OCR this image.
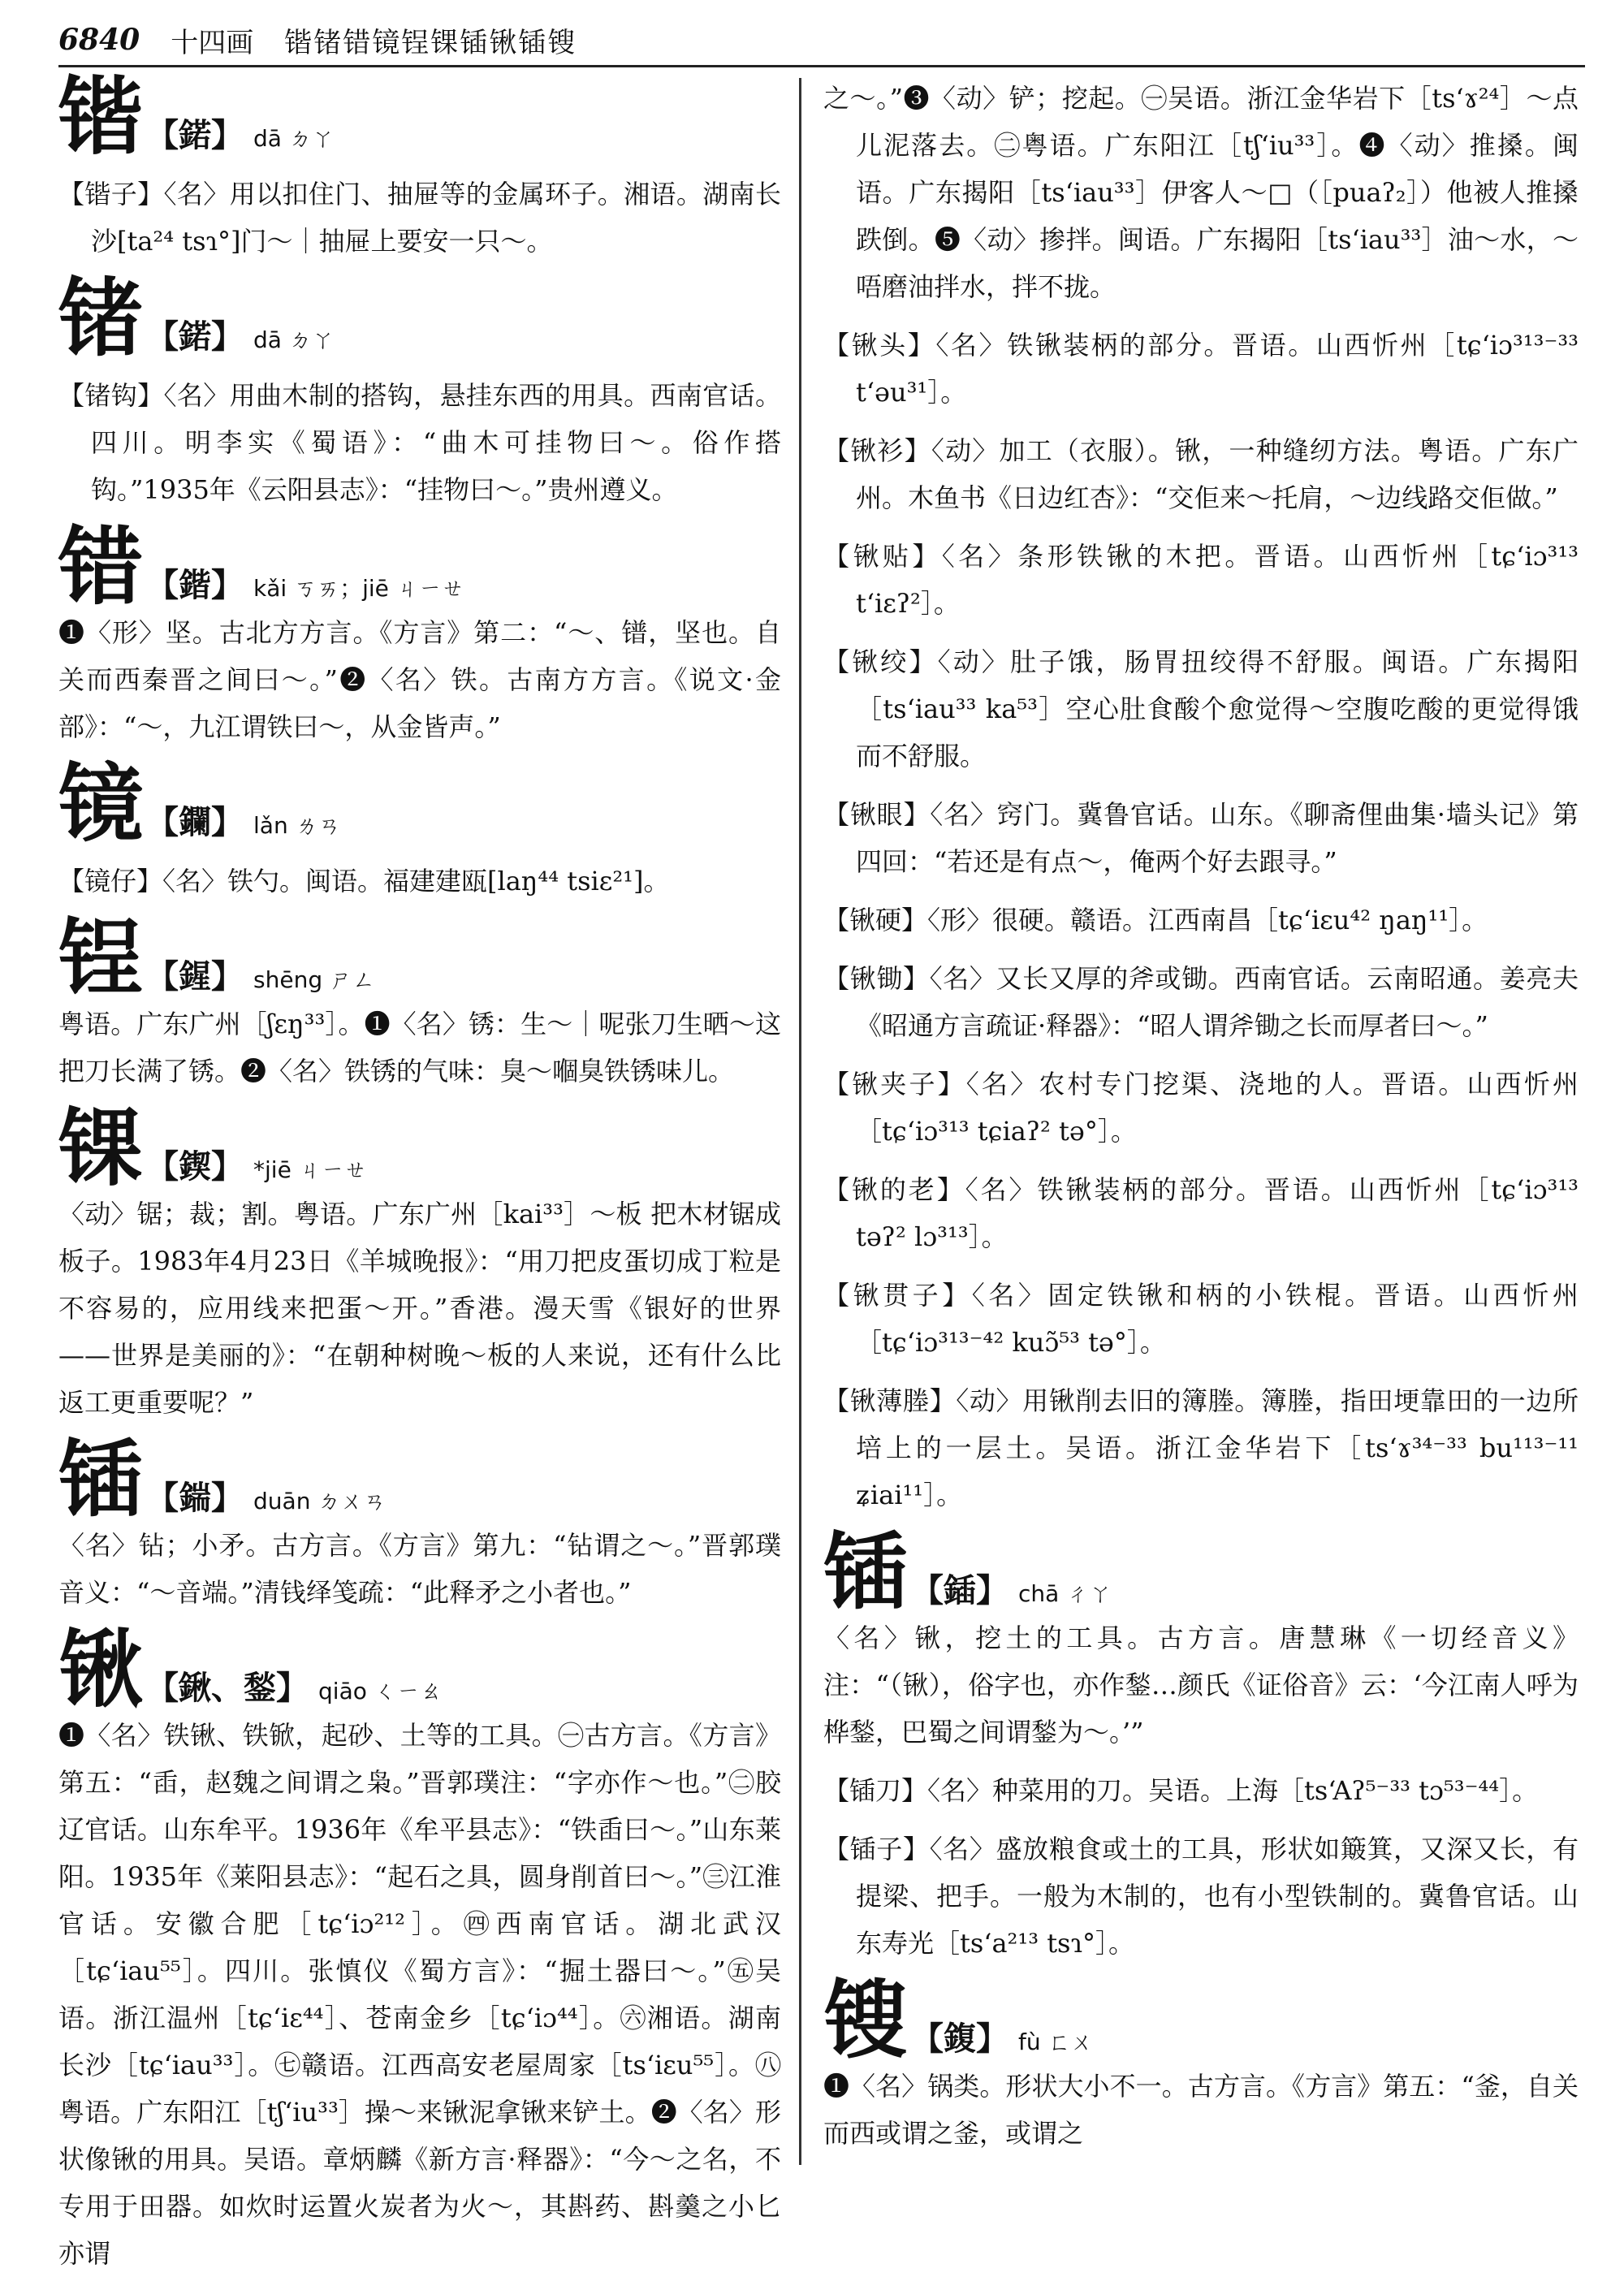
6840 十四画 锴锗错镜锃锞锸锹锸锼
锴 【鍩】 dā ㄉㄚ
【锴子】〈名〉用以扣住门、抽屉等的金属环子。湘语。湖南长沙[ta²⁴ tsɿ°]门～｜抽屉上要安一只～。
锗 【鍩】 dā ㄉㄚ
【锗钩】〈名〉用曲木制的搭钩，悬挂东西的用具。西南官话。四川。明李实《蜀语》：“曲木可挂物曰～。俗作搭钩。”1935年《云阳县志》：“挂物曰～。”贵州遵义。
错 【鍇】 kǎi ㄎㄞ；jiē ㄐㄧㄝ
❶〈形〉坚。古北方方言。《方言》第二：“～、镨，坚也。自关而西秦晋之间曰～。”❷〈名〉铁。古南方方言。《说文·金部》：“～，九江谓铁曰～，从金皆声。”
镜 【鑭】 lǎn ㄌㄢ
【镜仔】〈名〉铁勺。闽语。福建建瓯[laŋ⁴⁴ tsiɛ²¹]。
锃 【鍟】 shēng ㄕㄥ
粤语。广东广州［ʃɛŋ³³］。❶〈名〉锈：生～｜呢张刀生晒～这把刀长满了锈。❷〈名〉铁锈的气味：臭～嗰臭铁锈味儿。
锞 【鍥】 *jiē ㄐㄧㄝ
〈动〉锯；裁；割。粤语。广东广州［kai³³］～板 把木材锯成板子。1983年4月23日《羊城晚报》：“用刀把皮蛋切成丁粒是不容易的，应用线来把蛋～开。”香港。漫天雪《银好的世界——世界是美丽的》：“在朝种树晚～板的人来说，还有什么比返工更重要呢？”
锸 【鍴】 duān ㄉㄨㄢ
〈名〉钻；小矛。古方言。《方言》第九：“钻谓之～。”晋郭璞音义：“～音端。”清钱绎笺疏：“此释矛之小者也。”
锹 【鍬、鍫】 qiāo ㄑㄧㄠ
❶〈名〉铁锹、铁锨，起砂、土等的工具。㊀古方言。《方言》第五：“臿，赵魏之间谓之枭。”晋郭璞注：“字亦作～也。”㊁胶辽官话。山东牟平。1936年《牟平县志》：“铁臿曰～。”山东莱阳。1935年《莱阳县志》：“起石之具，圆身削首曰～。”㊂江淮官话。安徽合肥［tɕʻiɔ²¹²］。㊃西南官话。湖北武汉［tɕʻiau⁵⁵］。四川。张慎仪《蜀方言》：“掘土器曰～。”㊄吴语。浙江温州［tɕʻiɛ⁴⁴］、苍南金乡［tɕʻiɔ⁴⁴］。㊅湘语。湖南长沙［tɕʻiau³³］。㊆赣语。江西高安老屋周家［tsʻiɛu⁵⁵］。㊇粤语。广东阳江［tʃʻiu³³］操～来锹泥拿锹来铲土。❷〈名〉形状像锹的用具。吴语。章炳麟《新方言·释器》：“今～之名，不专用于田器。如炊时运置火炭者为火～，其斟药、斟羹之小匕亦谓
之～。”❸〈动〉铲；挖起。㊀吴语。浙江金华岩下［tsʻɤ²⁴］～点儿泥落去。㊁粤语。广东阳江［tʃʻiu³³］。❹〈动〉推搡。闽语。广东揭阳［tsʻiau³³］伊客人～□（［puaʔ₂］）他被人推搡跌倒。❺〈动〉掺拌。闽语。广东揭阳［tsʻiau³³］油～水，～唔磨油拌水，拌不拢。
【锹头】〈名〉铁锹装柄的部分。晋语。山西忻州［tɕʻiɔ³¹³⁻³³ tʻəu³¹］。
【锹衫】〈动〉加工（衣服）。锹，一种缝纫方法。粤语。广东广州。木鱼书《日边红杏》：“交佢来～托肩，～边线路交佢做。”
【锹贴】〈名〉条形铁锹的木把。晋语。山西忻州［tɕʻiɔ³¹³ tʻiɛʔ²］。
【锹绞】〈动〉肚子饿，肠胃扭绞得不舒服。闽语。广东揭阳［tsʻiau³³ ka⁵³］空心肚食酸个愈觉得～空腹吃酸的更觉得饿而不舒服。
【锹眼】〈名〉窍门。冀鲁官话。山东。《聊斋俚曲集·墙头记》第四回：“若还是有点～，俺两个好去跟寻。”
【锹硬】〈形〉很硬。赣语。江西南昌［tɕʻiɛu⁴² ŋaŋ¹¹］。
【锹锄】〈名〉又长又厚的斧或锄。西南官话。云南昭通。姜亮夫《昭通方言疏证·释器》：“昭人谓斧锄之长而厚者曰～。”
【锹夹子】〈名〉农村专门挖渠、浇地的人。晋语。山西忻州［tɕʻiɔ³¹³ tɕiaʔ² tə°］。
【锹的老】〈名〉铁锹装柄的部分。晋语。山西忻州［tɕʻiɔ³¹³ təʔ² lɔ³¹³］。
【锹贯子】〈名〉固定铁锹和柄的小铁棍。晋语。山西忻州［tɕʻiɔ³¹³⁻⁴² kuɔ̃⁵³ tə°］。
【锹薄塍】〈动〉用锹削去旧的簿塍。簿塍，指田埂靠田的一边所培上的一层土。吴语。浙江金华岩下［tsʻɤ³⁴⁻³³ bu¹¹³⁻¹¹ ʑiai¹¹］。
锸 【鍤】 chā ㄔㄚ
〈名〉锹，挖土的工具。古方言。唐慧琳《一切经音义》注：“（锹），俗字也，亦作鍫…颜氏《证俗音》云：‘今江南人呼为桦鍫，巴蜀之间谓鍫为～。’”
【锸刀】〈名〉种菜用的刀。吴语。上海［tsʻAʔ⁵⁻³³ tɔ⁵³⁻⁴⁴］。
【锸子】〈名〉盛放粮食或土的工具，形状如簸箕，又深又长，有提梁、把手。一般为木制的，也有小型铁制的。冀鲁官话。山东寿光［tsʻa²¹³ tsɿ°］。
锼 【鍑】 fù ㄈㄨ
❶〈名〉锅类。形状大小不一。古方言。《方言》第五：“釜，自关而西或谓之釜，或谓之
